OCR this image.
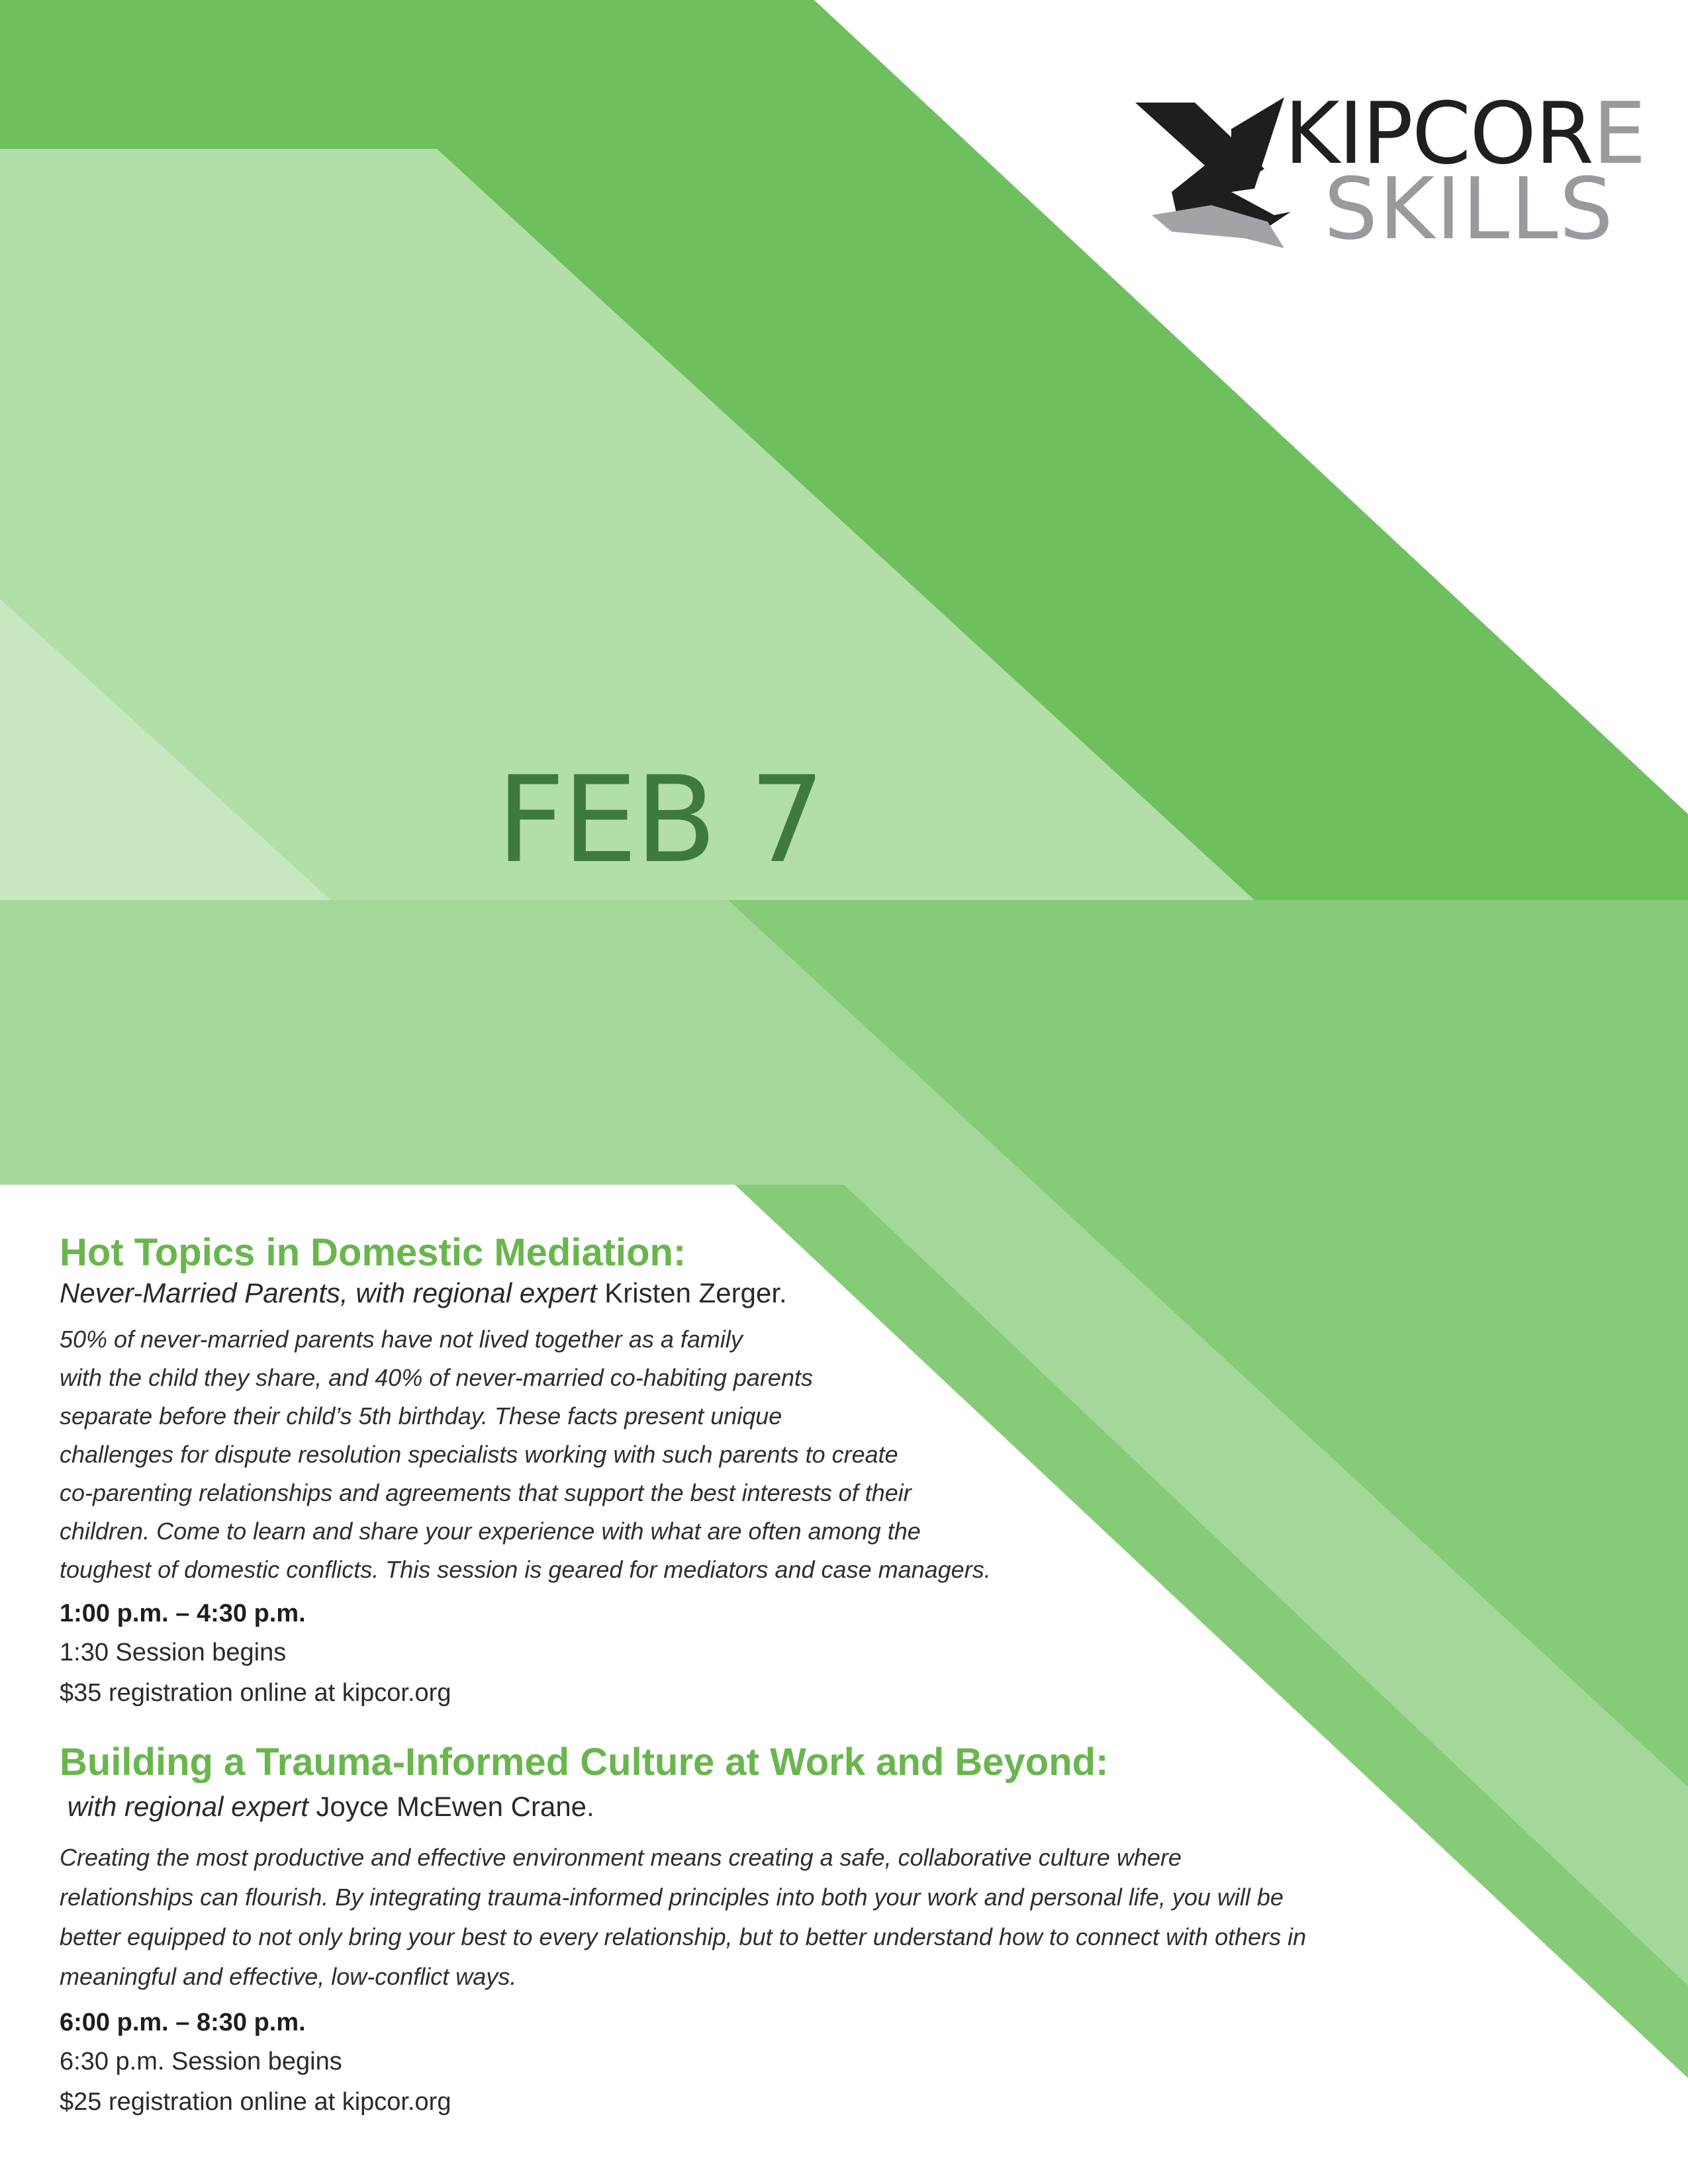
KIPCORE
SKILLS
FEB 7
Hot Topics in Domestic Mediation:
Never-Married Parents, with regional expert Kristen Zerger.
50% of never-married parents have not lived together as a family
with the child they share, and 40% of never-married co-habiting parents
separate before their child’s 5th birthday. These facts present unique
challenges for dispute resolution specialists working with such parents to create
co-parenting relationships and agreements that support the best interests of their
children. Come to learn and share your experience with what are often among the
toughest of domestic conflicts. This session is geared for mediators and case managers.
1:00 p.m. – 4:30 p.m.
1:30 Session begins
$35 registration online at kipcor.org
Building a Trauma-Informed Culture at Work and Beyond:
with regional expert Joyce McEwen Crane.
Creating the most productive and effective environment means creating a safe, collaborative culture where
relationships can flourish. By integrating trauma-informed principles into both your work and personal life, you will be
better equipped to not only bring your best to every relationship, but to better understand how to connect with others in
meaningful and effective, low-conflict ways.
6:00 p.m. – 8:30 p.m.
6:30 p.m. Session begins
$25 registration online at kipcor.org
